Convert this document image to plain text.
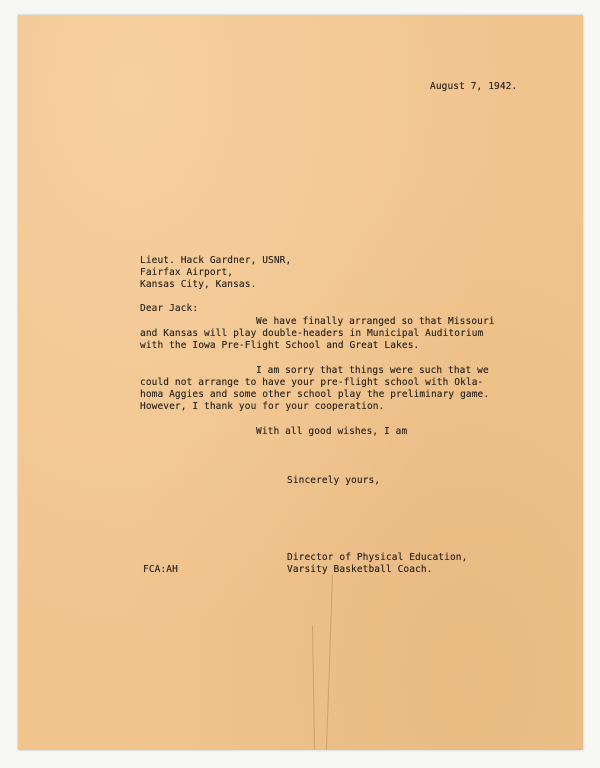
August 7, 1942.
Lieut. Hack Gardner, USNR,
Fairfax Airport,
Kansas City, Kansas.
Dear Jack:
We have finally arranged so that Missouri
and Kansas will play double-headers in Municipal Auditorium
with the Iowa Pre-Flight School and Great Lakes.
I am sorry that things were such that we
could not arrange to have your pre-flight school with Okla-
homa Aggies and some other school play the preliminary game.
However, I thank you for your cooperation.
With all good wishes, I am
Sincerely yours,
Director of Physical Education,
Varsity Basketball Coach.
FCA:AH
